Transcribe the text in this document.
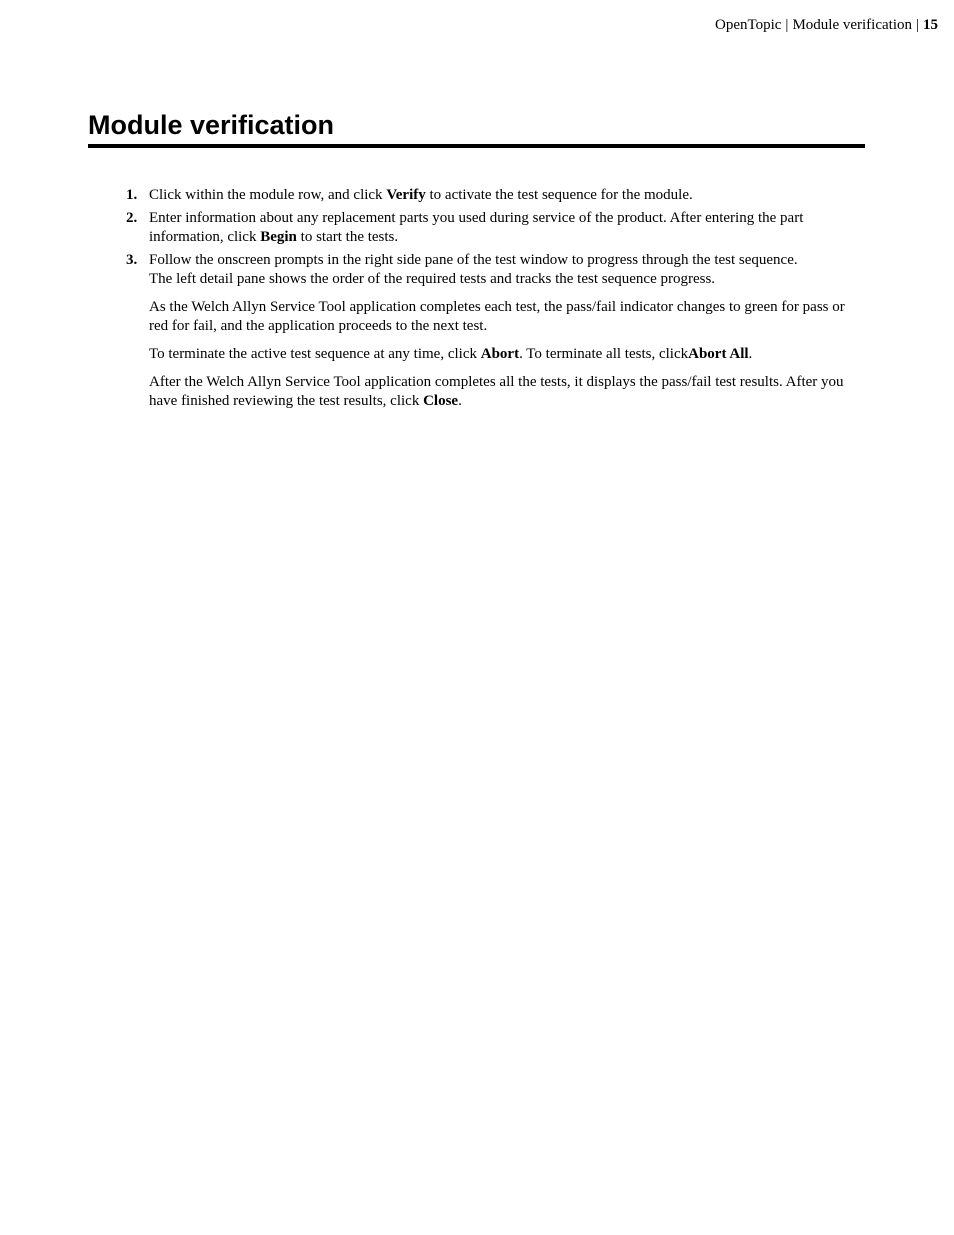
OpenTopic | Module verification | 15
Module verification
1. Click within the module row, and click Verify to activate the test sequence for the module.

2. Enter information about any replacement parts you used during service of the product. After entering the part information, click Begin to start the tests.

3. Follow the onscreen prompts in the right side pane of the test window to progress through the test sequence.
The left detail pane shows the order of the required tests and tracks the test sequence progress.

As the Welch Allyn Service Tool application completes each test, the pass/fail indicator changes to green for pass or red for fail, and the application proceeds to the next test.

To terminate the active test sequence at any time, click Abort. To terminate all tests, clickAbort All.

After the Welch Allyn Service Tool application completes all the tests, it displays the pass/fail test results. After you have finished reviewing the test results, click Close.
